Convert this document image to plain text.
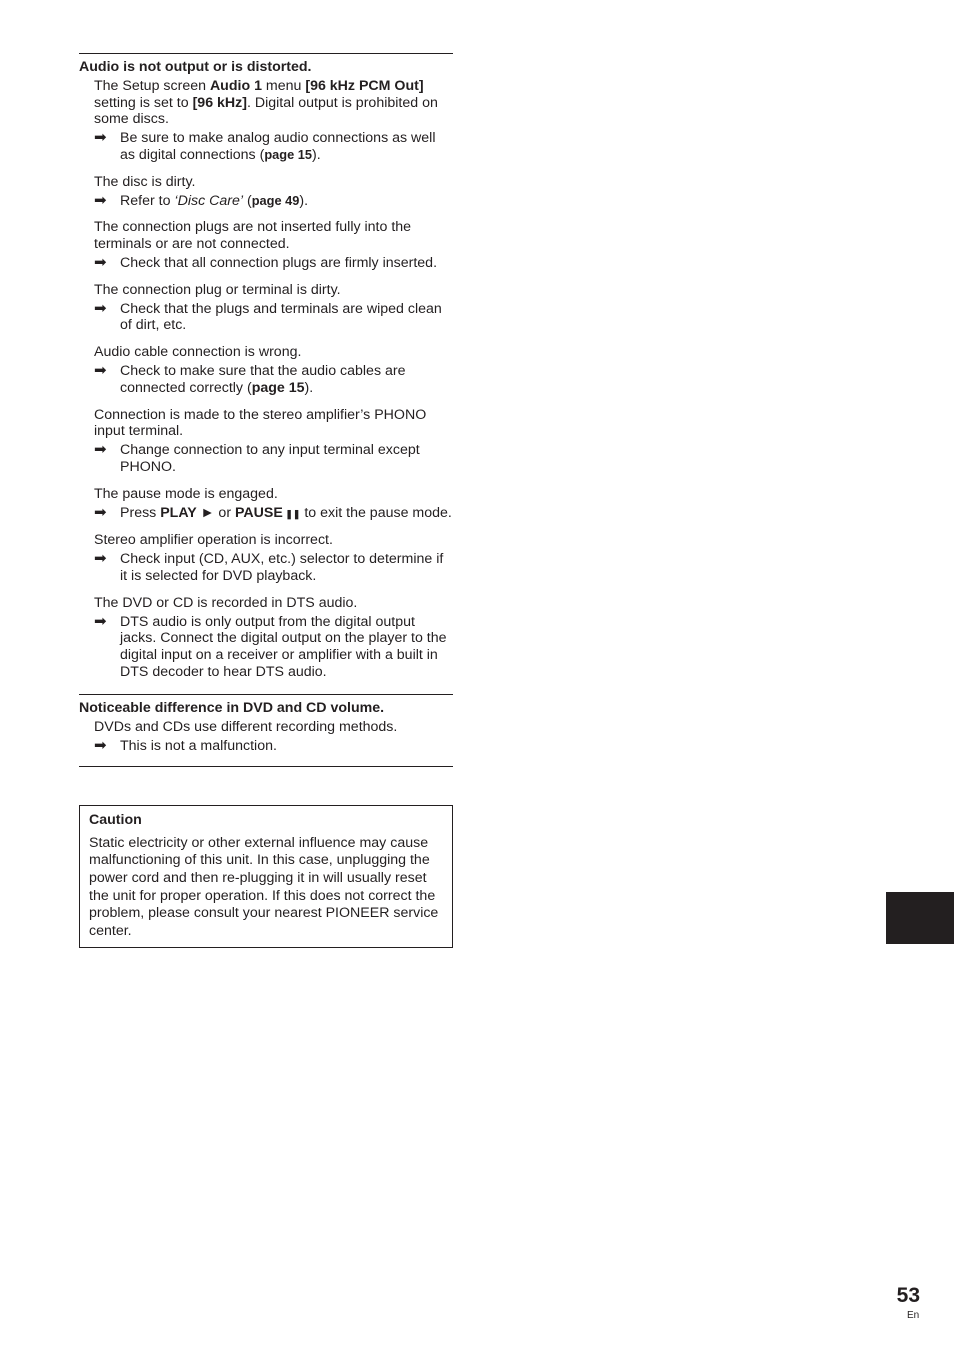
Audio is not output or is distorted.
The Setup screen Audio 1 menu [96 kHz PCM Out] setting is set to [96 kHz]. Digital output is prohibited on some discs.
➡ Be sure to make analog audio connections as well as digital connections (page 15).
The disc is dirty.
➡ Refer to ‘Disc Care’ (page 49).
The connection plugs are not inserted fully into the terminals or are not connected.
➡ Check that all connection plugs are firmly inserted.
The connection plug or terminal is dirty.
➡ Check that the plugs and terminals are wiped clean of dirt, etc.
Audio cable connection is wrong.
➡ Check to make sure that the audio cables are connected correctly (page 15).
Connection is made to the stereo amplifier’s PHONO input terminal.
➡ Change connection to any input terminal except PHONO.
The pause mode is engaged.
➡ Press PLAY ► or PAUSE ❚❚ to exit the pause mode.
Stereo amplifier operation is incorrect.
➡ Check input (CD, AUX, etc.) selector to determine if it is selected for DVD playback.
The DVD or CD is recorded in DTS audio.
➡ DTS audio is only output from the digital output jacks. Connect the digital output on the player to the digital input on a receiver or amplifier with a built in DTS decoder to hear DTS audio.
Noticeable difference in DVD and CD volume.
DVDs and CDs use different recording methods.
➡ This is not a malfunction.
Caution
Static electricity or other external influence may cause malfunctioning of this unit. In this case, unplugging the power cord and then re-plugging it in will usually reset the unit for proper operation. If this does not correct the problem, please consult your nearest PIONEER service center.
53
En
